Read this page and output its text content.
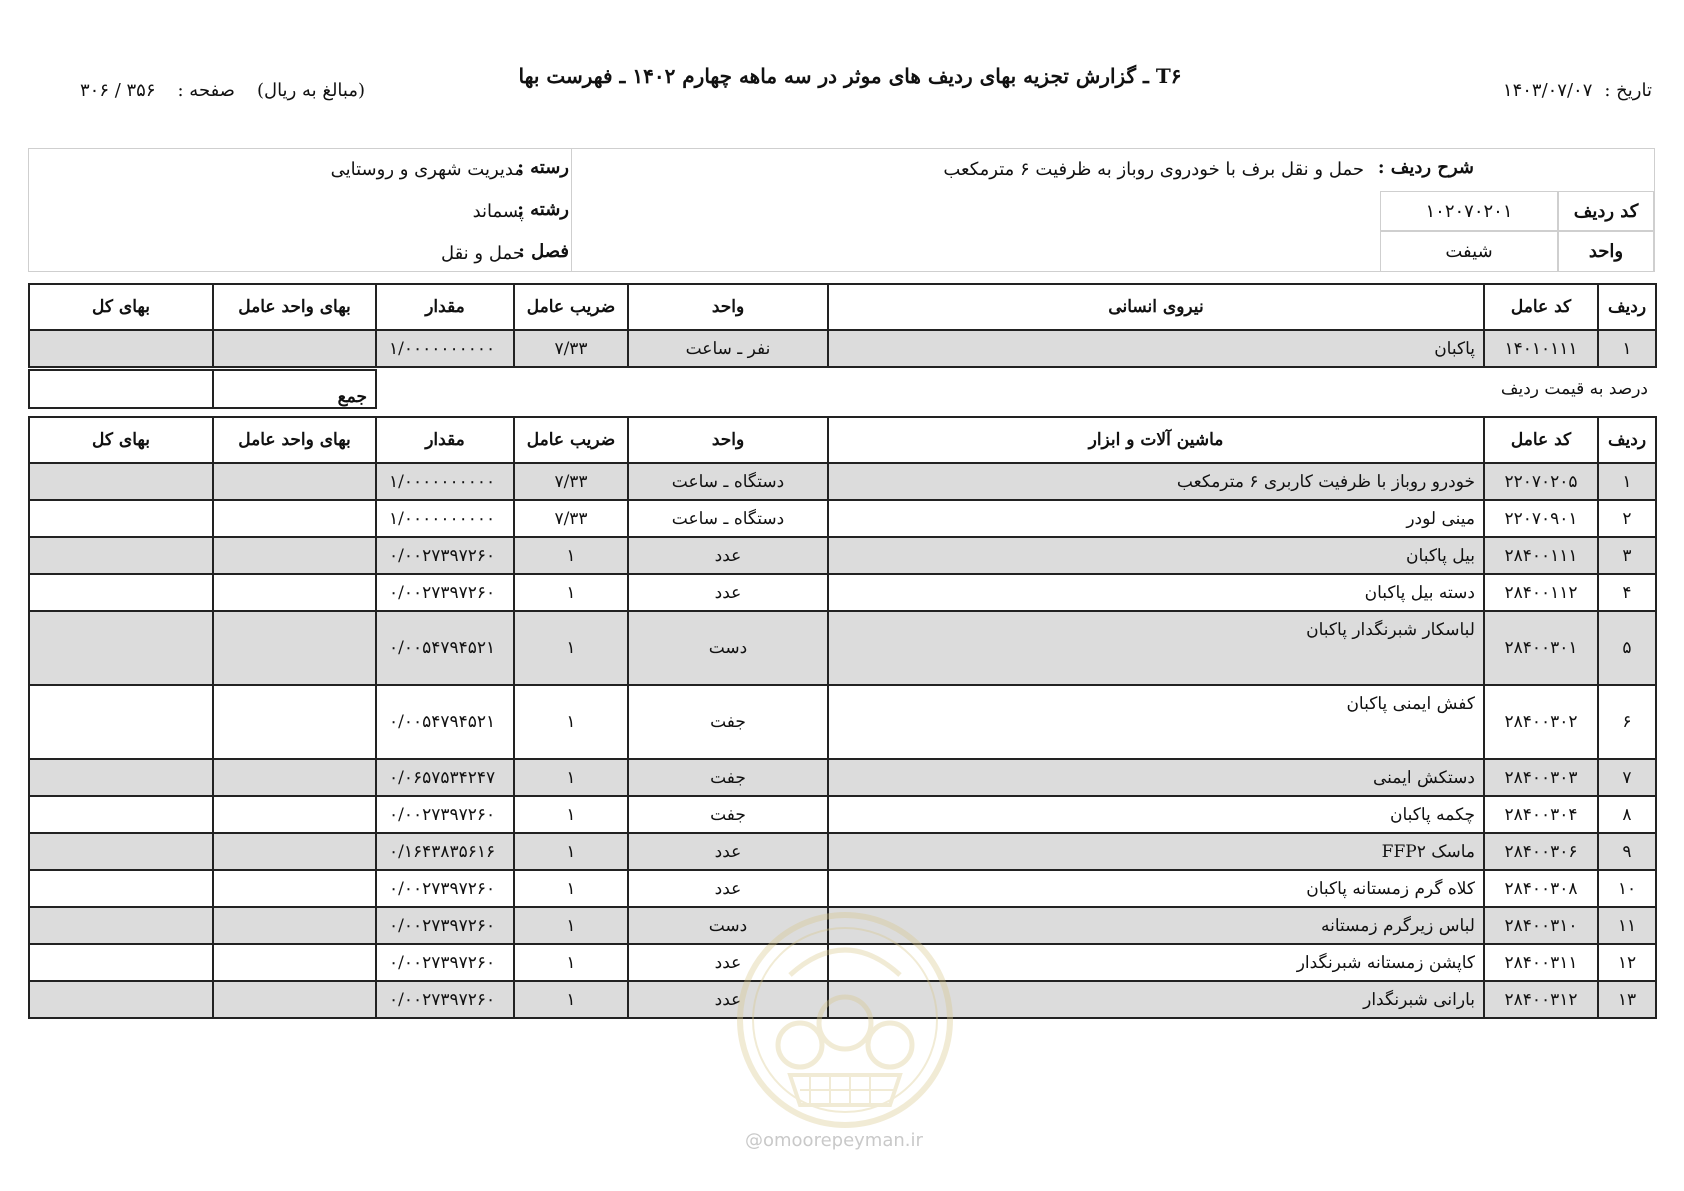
T۶ ـ گزارش تجزیه بهای ردیف های موثر در سه ماهه چهارم ۱۴۰۲ ـ فهرست بها
تاریخ :
۱۴۰۳/۰۷/۰۷
(مبالغ به ریال)
صفحه :
۳۰۶ / ۳۵۶
شرح ردیف :
حمل و نقل برف با خودروی روباز به ظرفیت ۶ مترمکعب
کد ردیف
۱۰۲۰۷۰۲۰۱
واحد
شیفت
رسته :
مدیریت شهری و روستایی
رشته :
پسماند
فصل :
حمل و نقل
ردیف	کد عامل	نیروی انسانی	واحد	ضریب عامل	مقدار	بهای واحد عامل	بهای کل
۱	۱۴۰۱۰۱۱۱	پاکبان	نفر ـ ساعت	۷/۳۳	۱/۰۰۰۰۰۰۰۰۰۰		
درصد به قیمت ردیف	جمع	
ردیف	کد عامل	ماشین آلات و ابزار	واحد	ضریب عامل	مقدار	بهای واحد عامل	بهای کل
۱	۲۲۰۷۰۲۰۵	خودرو روباز با ظرفیت کاربری ۶ مترمکعب	دستگاه ـ ساعت	۷/۳۳	۱/۰۰۰۰۰۰۰۰۰۰		
۲	۲۲۰۷۰۹۰۱	مینی لودر	دستگاه ـ ساعت	۷/۳۳	۱/۰۰۰۰۰۰۰۰۰۰		
۳	۲۸۴۰۰۱۱۱	بیل پاکبان	عدد	۱	۰/۰۰۲۷۳۹۷۲۶۰		
۴	۲۸۴۰۰۱۱۲	دسته بیل پاکبان	عدد	۱	۰/۰۰۲۷۳۹۷۲۶۰		
۵	۲۸۴۰۰۳۰۱	لباسکار شبرنگدار پاکبان	دست	۱	۰/۰۰۵۴۷۹۴۵۲۱		
۶	۲۸۴۰۰۳۰۲	کفش ایمنی پاکبان	جفت	۱	۰/۰۰۵۴۷۹۴۵۲۱		
۷	۲۸۴۰۰۳۰۳	دستکش ایمنی	جفت	۱	۰/۰۶۵۷۵۳۴۲۴۷		
۸	۲۸۴۰۰۳۰۴	چکمه پاکبان	جفت	۱	۰/۰۰۲۷۳۹۷۲۶۰		
۹	۲۸۴۰۰۳۰۶	ماسک FFP۲	عدد	۱	۰/۱۶۴۳۸۳۵۶۱۶		
۱۰	۲۸۴۰۰۳۰۸	کلاه گرم زمستانه پاکبان	عدد	۱	۰/۰۰۲۷۳۹۷۲۶۰		
۱۱	۲۸۴۰۰۳۱۰	لباس زیرگرم زمستانه	دست	۱	۰/۰۰۲۷۳۹۷۲۶۰		
۱۲	۲۸۴۰۰۳۱۱	کاپشن زمستانه شبرنگدار	عدد	۱	۰/۰۰۲۷۳۹۷۲۶۰		
۱۳	۲۸۴۰۰۳۱۲	بارانی شبرنگدار	عدد	۱	۰/۰۰۲۷۳۹۷۲۶۰		
@omoorepeyman.ir
